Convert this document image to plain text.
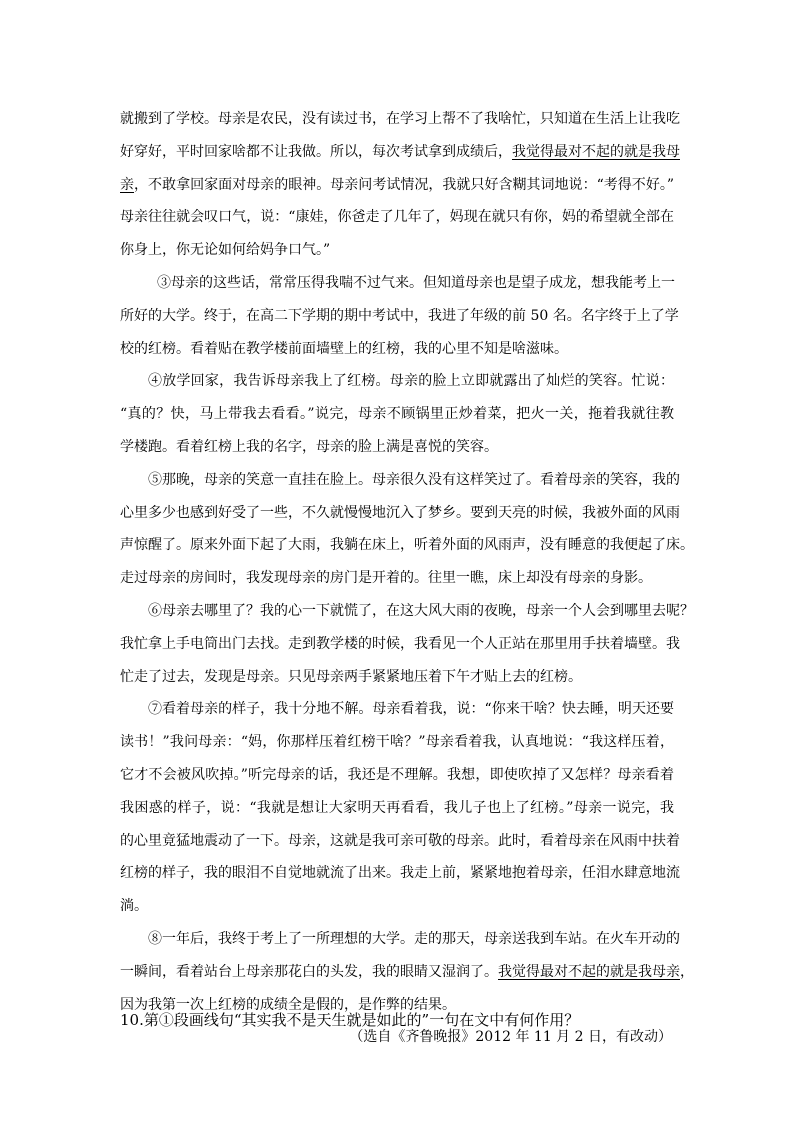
就搬到了学校。母亲是农民，没有读过书，在学习上帮不了我啥忙，只知道在生活上让我吃
好穿好，平时回家啥都不让我做。所以，每次考试拿到成绩后，我觉得最对不起的就是我母
亲，不敢拿回家面对母亲的眼神。母亲问考试情况，我就只好含糊其词地说：“考得不好。”
母亲往往就会叹口气，说：“康娃，你爸走了几年了，妈现在就只有你，妈的希望就全部在
你身上，你无论如何给妈争口气。”
③母亲的这些话，常常压得我喘不过气来。但知道母亲也是望子成龙，想我能考上一
所好的大学。终于，在高二下学期的期中考试中，我进了年级的前 50 名。名字终于上了学
校的红榜。看着贴在教学楼前面墙壁上的红榜，我的心里不知是啥滋味。
④放学回家，我告诉母亲我上了红榜。母亲的脸上立即就露出了灿烂的笑容。忙说：
“真的？快，马上带我去看看。”说完，母亲不顾锅里正炒着菜，把火一关，拖着我就往教
学楼跑。看着红榜上我的名字，母亲的脸上满是喜悦的笑容。
⑤那晚，母亲的笑意一直挂在脸上。母亲很久没有这样笑过了。看着母亲的笑容，我的
心里多少也感到好受了一些，不久就慢慢地沉入了梦乡。要到天亮的时候，我被外面的风雨
声惊醒了。原来外面下起了大雨，我躺在床上，听着外面的风雨声，没有睡意的我便起了床。
走过母亲的房间时，我发现母亲的房门是开着的。往里一瞧，床上却没有母亲的身影。
⑥母亲去哪里了？我的心一下就慌了，在这大风大雨的夜晚，母亲一个人会到哪里去呢？
我忙拿上手电筒出门去找。走到教学楼的时候，我看见一个人正站在那里用手扶着墙壁。我
忙走了过去，发现是母亲。只见母亲两手紧紧地压着下午才贴上去的红榜。
⑦看着母亲的样子，我十分地不解。母亲看着我，说：“你来干啥？快去睡，明天还要
读书！”我问母亲：“妈，你那样压着红榜干啥？”母亲看着我，认真地说：“我这样压着，
它才不会被风吹掉。”听完母亲的话，我还是不理解。我想，即使吹掉了又怎样？母亲看着
我困惑的样子，说：“我就是想让大家明天再看看，我儿子也上了红榜。”母亲一说完，我
的心里竟猛地震动了一下。母亲，这就是我可亲可敬的母亲。此时，看着母亲在风雨中扶着
红榜的样子，我的眼泪不自觉地就流了出来。我走上前，紧紧地抱着母亲，任泪水肆意地流
淌。
⑧一年后，我终于考上了一所理想的大学。走的那天，母亲送我到车站。在火车开动的
一瞬间，看着站台上母亲那花白的头发，我的眼睛又湿润了。我觉得最对不起的就是我母亲，
因为我第一次上红榜的成绩全是假的，是作弊的结果。
（选自《齐鲁晚报》2012 年 11 月 2 日，有改动）
10.第①段画线句“其实我不是天生就是如此的”一句在文中有何作用？
